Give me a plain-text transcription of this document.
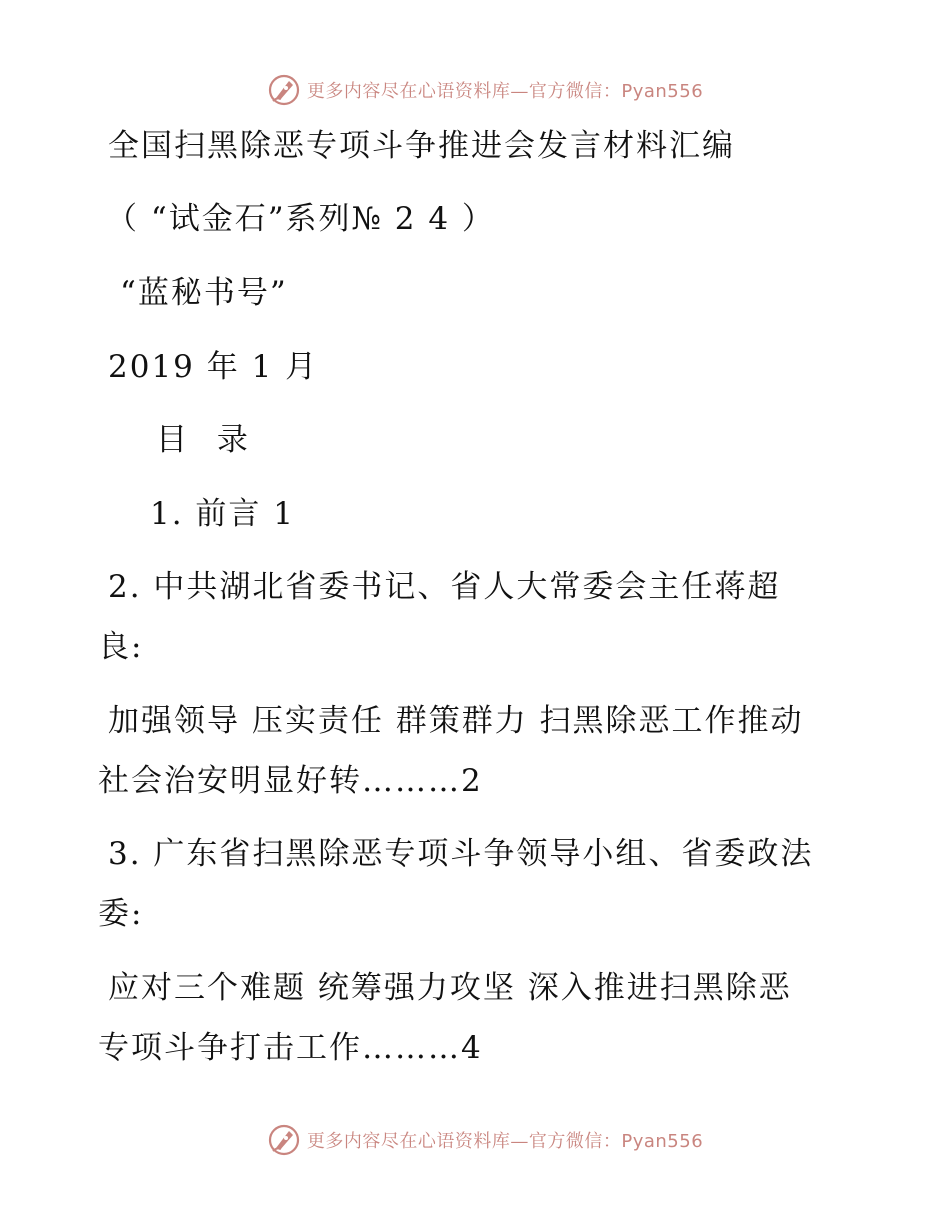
更多内容尽在心语资料库—官方微信：Pyan556
全国扫黑除恶专项斗争推进会发言材料汇编
（ “试金石”系列№ 2 4 ）
“蓝秘书号”
2019 年 1 月
目 录
1. 前言 1
2. 中共湖北省委书记、省人大常委会主任蒋超
良:
加强领导 压实责任 群策群力 扫黑除恶工作推动
社会治安明显好转………2
3. 广东省扫黑除恶专项斗争领导小组、省委政法
委:
应对三个难题 统筹强力攻坚 深入推进扫黑除恶
专项斗争打击工作………4
更多内容尽在心语资料库—官方微信：Pyan556
